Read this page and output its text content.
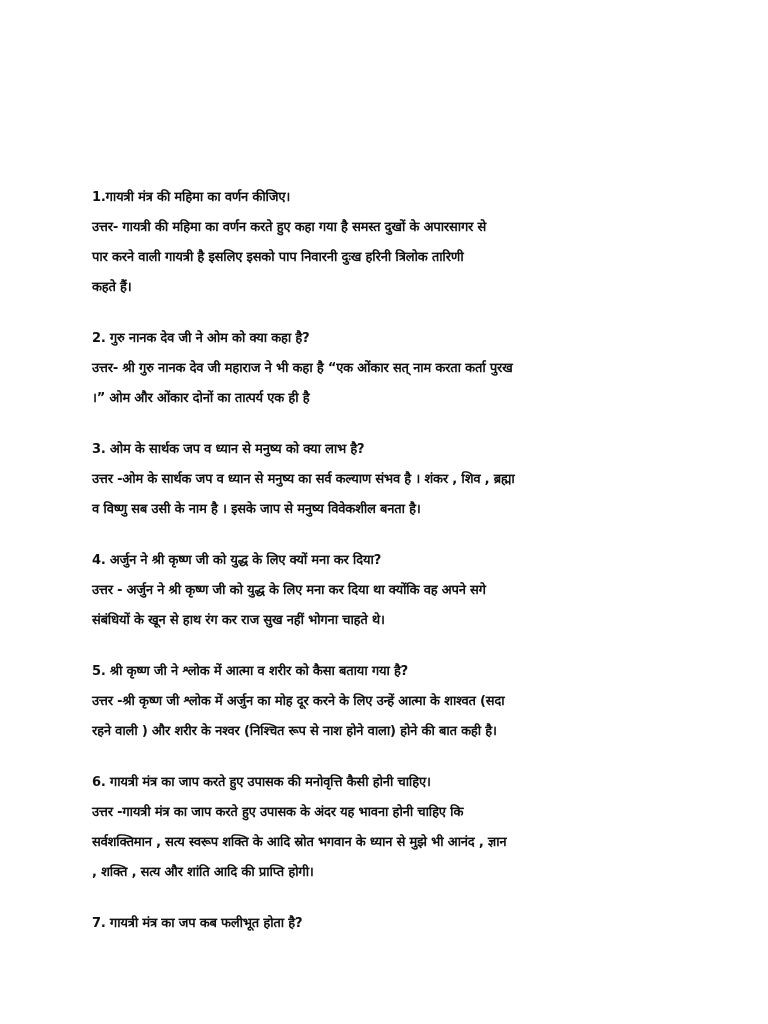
1.गायत्री मंत्र की महिमा का वर्णन कीजिए।
उत्तर- गायत्री की महिमा का वर्णन करते हुए कहा गया है समस्त दुखों के अपारसागर से
पार करने वाली गायत्री है इसलिए इसको पाप निवारनी दुःख हरिनी त्रिलोक तारिणी
कहते हैं।
2. गुरु नानक देव जी ने ओम को क्या कहा है?
उत्तर- श्री गुरु नानक देव जी महाराज ने भी कहा है “एक ओंकार सत् नाम करता कर्ता पुरख
।” ओम और ओंकार दोनों का तात्पर्य एक ही है
3. ओम के सार्थक जप व ध्यान से मनुष्य को क्या लाभ है?
उत्तर -ओम के सार्थक जप व ध्यान से मनुष्य का सर्व कल्याण संभव है । शंकर , शिव , ब्रह्मा
व विष्णु सब उसी के नाम है । इसके जाप से मनुष्य विवेकशील बनता है।
4. अर्जुन ने श्री कृष्ण जी को युद्ध के लिए क्यों मना कर दिया?
उत्तर - अर्जुन ने श्री कृष्ण जी को युद्ध के लिए मना कर दिया था क्योंकि वह अपने सगे
संबंधियों के खून से हाथ रंग कर राज सुख नहीं भोगना चाहते थे।
5. श्री कृष्ण जी ने श्लोक में आत्मा व शरीर को कैसा बताया गया है?
उत्तर -श्री कृष्ण जी श्लोक में अर्जुन का मोह दूर करने के लिए उन्हें आत्मा के शाश्वत (सदा
रहने वाली ) और शरीर के नश्वर (निश्चित रूप से नाश होने वाला) होने की बात कही है।
6. गायत्री मंत्र का जाप करते हुए उपासक की मनोवृत्ति कैसी होनी चाहिए।
उत्तर -गायत्री मंत्र का जाप करते हुए उपासक के अंदर यह भावना होनी चाहिए कि
सर्वशक्तिमान , सत्य स्वरूप शक्ति के आदि स्रोत भगवान के ध्यान से मुझे भी आनंद , ज्ञान
, शक्ति , सत्य और शांति आदि की प्राप्ति होगी।
7. गायत्री मंत्र का जप कब फलीभूत होता है?
